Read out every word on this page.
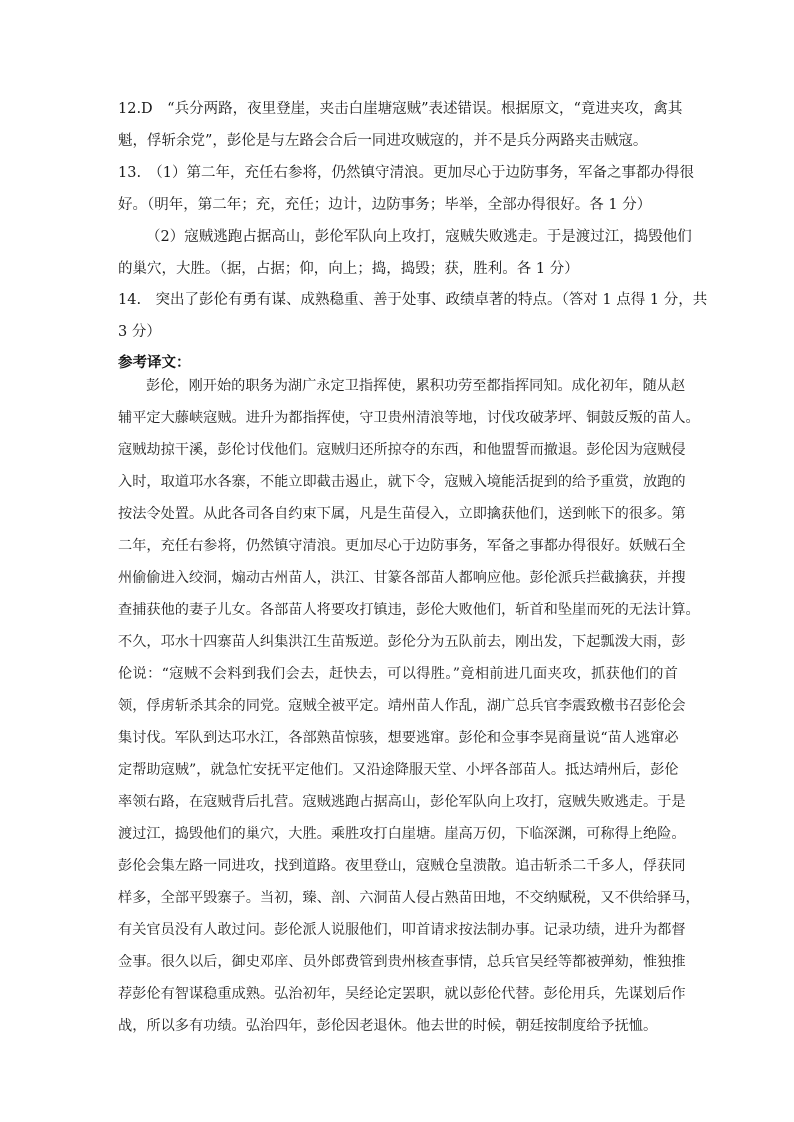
12.D　“兵分两路，夜里登崖，夹击白崖塘寇贼”表述错误。根据原文，“竟进夹攻，禽其
魁，俘斩余党”，彭伦是与左路会合后一同进攻贼寇的，并不是兵分两路夹击贼寇。
13.　（1）第二年，充任右参将，仍然镇守清浪。更加尽心于边防事务，军备之事都办得很
好。（明年，第二年；充，充任；边计，边防事务；毕举，全部办得很好。各 1 分）
（2）寇贼逃跑占据高山，彭伦军队向上攻打，寇贼失败逃走。于是渡过江，捣毁他们
的巢穴，大胜。（据，占据；仰，向上；捣，捣毁；获，胜利。各 1 分）
14.　突出了彭伦有勇有谋、成熟稳重、善于处事、政绩卓著的特点。（答对 1 点得 1 分，共
3 分）
参考译文：
彭伦，刚开始的职务为湖广永定卫指挥使，累积功劳至都指挥同知。成化初年，随从赵
辅平定大藤峡寇贼。进升为都指挥使，守卫贵州清浪等地，讨伐攻破茅坪、铜鼓反叛的苗人。
寇贼劫掠干溪，彭伦讨伐他们。寇贼归还所掠夺的东西，和他盟誓而撤退。彭伦因为寇贼侵
入时，取道邛水各寨，不能立即截击遏止，就下令，寇贼入境能活捉到的给予重赏，放跑的
按法令处置。从此各司各自约束下属，凡是生苗侵入，立即擒获他们，送到帐下的很多。第
二年，充任右参将，仍然镇守清浪。更加尽心于边防事务，军备之事都办得很好。妖贼石全
州偷偷进入绞洞，煽动古州苗人，洪江、甘篆各部苗人都响应他。彭伦派兵拦截擒获，并搜
查捕获他的妻子儿女。各部苗人将要攻打镇违，彭伦大败他们，斩首和坠崖而死的无法计算。
不久，邛水十四寨苗人纠集洪江生苗叛逆。彭伦分为五队前去，刚出发，下起瓢泼大雨，彭
伦说：“寇贼不会料到我们会去，赶快去，可以得胜。”竟相前进几面夹攻，抓获他们的首
领，俘虏斩杀其余的同党。寇贼全被平定。靖州苗人作乱，湖广总兵官李震致檄书召彭伦会
集讨伐。军队到达邛水江，各部熟苗惊骇，想要逃窜。彭伦和佥事李晃商量说“苗人逃窜必
定帮助寇贼”，就急忙安抚平定他们。又沿途降服天堂、小坪各部苗人。抵达靖州后，彭伦
率领右路，在寇贼背后扎营。寇贼逃跑占据高山，彭伦军队向上攻打，寇贼失败逃走。于是
渡过江，捣毁他们的巢穴，大胜。乘胜攻打白崖塘。崖高万仞，下临深渊，可称得上绝险。
彭伦会集左路一同进攻，找到道路。夜里登山，寇贼仓皇溃散。追击斩杀二千多人，俘获同
样多，全部平毁寨子。当初，臻、剖、六洞苗人侵占熟苗田地，不交纳赋税，又不供给驿马，
有关官员没有人敢过问。彭伦派人说服他们，叩首请求按法制办事。记录功绩，进升为都督
佥事。很久以后，御史邓庠、员外郎费管到贵州核查事情，总兵官吴经等都被弹劾，惟独推
荐彭伦有智谋稳重成熟。弘治初年，吴经论定罢职，就以彭伦代替。彭伦用兵，先谋划后作
战，所以多有功绩。弘治四年，彭伦因老退休。他去世的时候，朝廷按制度给予抚恤。
